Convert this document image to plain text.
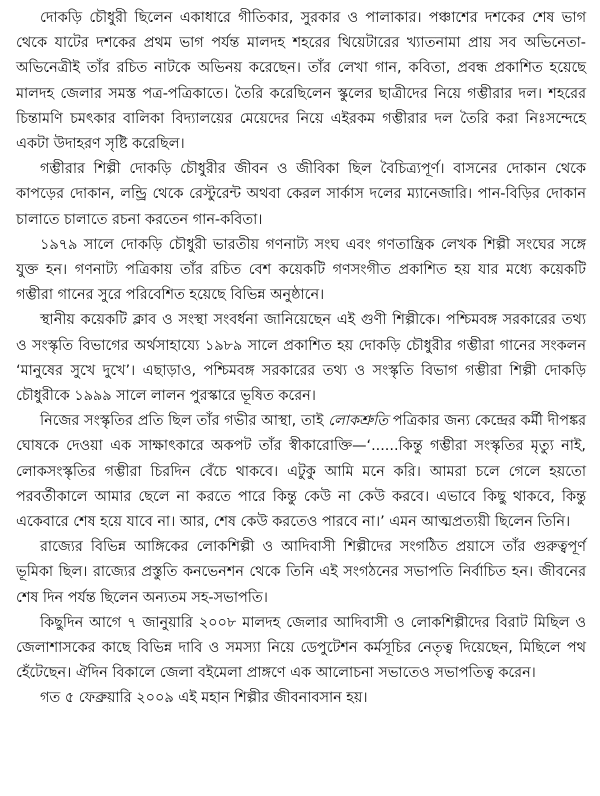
দোকড়ি চৌধুরী ছিলেন একাধারে গীতিকার, সুরকার ও পালাকার। পঞ্চাশের দশকের শেষ ভাগ থেকে যাটের দশকের প্রথম ভাগ পর্যন্ত মালদহ শহরের থিয়েটারের খ্যাতনামা প্রায় সব অভিনেতা-অভিনেত্রীই তাঁর রচিত নাটকে অভিনয় করেছেন। তাঁর লেখা গান, কবিতা, প্রবন্ধ প্রকাশিত হয়েছে মালদহ জেলার সমস্ত পত্র-পত্রিকাতে। তৈরি করেছিলেন স্কুলের ছাত্রীদের নিয়ে গম্ভীরার দল। শহরের চিন্তামণি চমৎকার বালিকা বিদ্যালয়ের মেয়েদের নিয়ে এইরকম গম্ভীরার দল তৈরি করা নিঃসন্দেহে একটা উদাহরণ সৃষ্টি করেছিল।

গম্ভীরার শিল্পী দোকড়ি চৌধুরীর জীবন ও জীবিকা ছিল বৈচিত্র্যপূর্ণ। বাসনের দোকান থেকে কাপড়ের দোকান, লন্ড্রি থেকে রেস্টুরেন্ট অথবা কেরল সার্কাস দলের ম্যানেজারি। পান-বিড়ির দোকান চালাতে চালাতে রচনা করতেন গান-কবিতা।

১৯৭৯ সালে দোকড়ি চৌধুরী ভারতীয় গণনাট্য সংঘ এবং গণতান্ত্রিক লেখক শিল্পী সংঘের সঙ্গে যুক্ত হন। গণনাট্য পত্রিকায় তাঁর রচিত বেশ কয়েকটি গণসংগীত প্রকাশিত হয় যার মধ্যে কয়েকটি গম্ভীরা গানের সুরে পরিবেশিত হয়েছে বিভিন্ন অনুষ্ঠানে।

স্থানীয় কয়েকটি ক্লাব ও সংস্থা সংবর্ধনা জানিয়েছেন এই গুণী শিল্পীকে। পশ্চিমবঙ্গ সরকারের তথ্য ও সংস্কৃতি বিভাগের অর্থসাহায্যে ১৯৮৯ সালে প্রকাশিত হয় দোকড়ি চৌধুরীর গম্ভীরা গানের সংকলন ‘মানুষের সুখে দুখে’। এছাড়াও, পশ্চিমবঙ্গ সরকারের তথ্য ও সংস্কৃতি বিভাগ গম্ভীরা শিল্পী দোকড়ি চৌধুরীকে ১৯৯৯ সালে লালন পুরস্কারে ভূষিত করেন।

নিজের সংস্কৃতির প্রতি ছিল তাঁর গভীর আস্থা, তাই লোকশ্রুতি পত্রিকার জন্য কেন্দ্রের কর্মী দীপঙ্কর ঘোষকে দেওয়া এক সাক্ষাৎকারে অকপট তাঁর স্বীকারোক্তি—‘......কিন্তু গম্ভীরা সংস্কৃতির মৃত্যু নাই, লোকসংস্কৃতির গম্ভীরা চিরদিন বেঁচে থাকবে। এটুকু আমি মনে করি। আমরা চলে গেলে হয়তো পরবর্তীকালে আমার ছেলে না করতে পারে কিন্তু কেউ না কেউ করবে। এভাবে কিছু থাকবে, কিন্তু একেবারে শেষ হয়ে যাবে না। আর, শেষ কেউ করতেও পারবে না।’ এমন আত্মপ্রত্যয়ী ছিলেন তিনি।

রাজ্যের বিভিন্ন আঙ্গিকের লোকশিল্পী ও আদিবাসী শিল্পীদের সংগঠিত প্রয়াসে তাঁর গুরুত্বপূর্ণ ভূমিকা ছিল। রাজ্যের প্রস্তুতি কনভেনশন থেকে তিনি এই সংগঠনের সভাপতি নির্বাচিত হন। জীবনের শেষ দিন পর্যন্ত ছিলেন অন্যতম সহ-সভাপতি।

কিছুদিন আগে ৭ জানুয়ারি ২০০৮ মালদহ জেলার আদিবাসী ও লোকশিল্পীদের বিরাট মিছিল ও জেলাশাসকের কাছে বিভিন্ন দাবি ও সমস্যা নিয়ে ডেপুটেশন কর্মসূচির নেতৃত্ব দিয়েছেন, মিছিলে পথ হেঁটেছেন। ঐদিন বিকালে জেলা বইমেলা প্রাঙ্গণে এক আলোচনা সভাতেও সভাপতিত্ব করেন।

গত ৫ ফেব্রুয়ারি ২০০৯ এই মহান শিল্পীর জীবনাবসান হয়।
